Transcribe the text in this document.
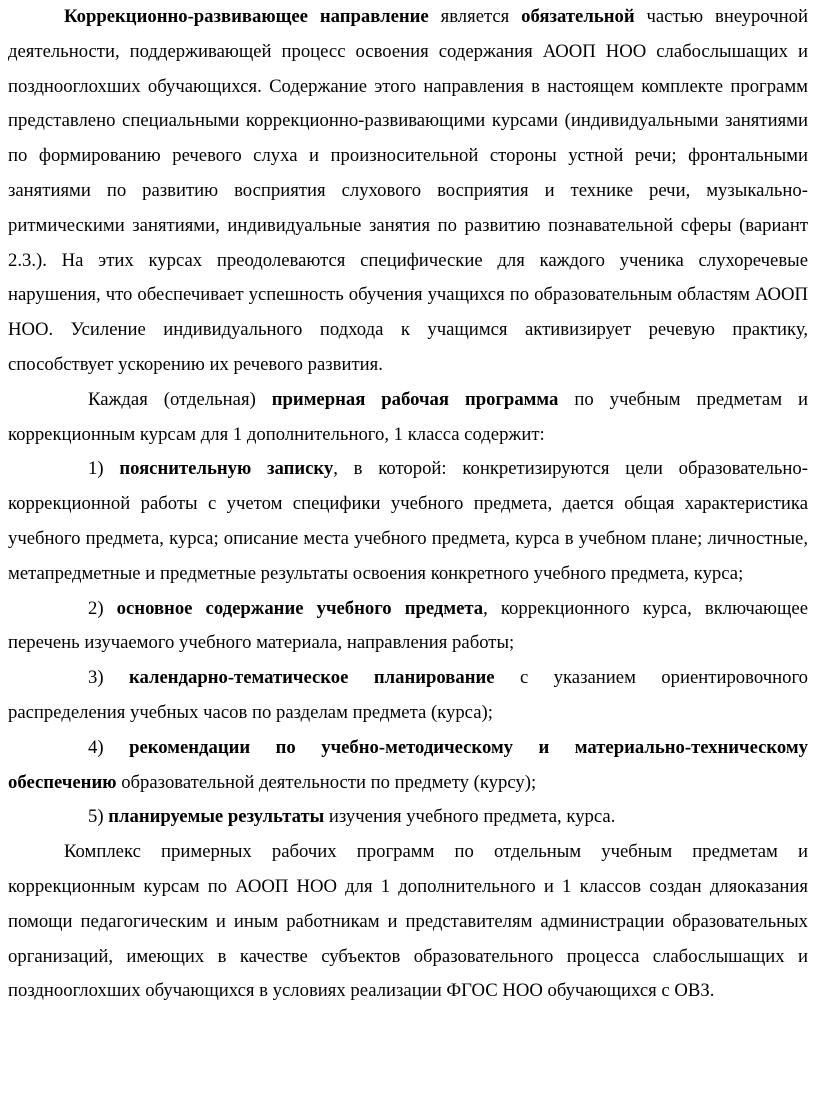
Коррекционно-развивающее направление является обязательной частью внеурочной деятельности, поддерживающей процесс освоения содержания АООП НОО слабослышащих и позднооглохших обучающихся. Содержание этого направления в настоящем комплекте программ представлено специальными коррекционно-развивающими курсами (индивидуальными занятиями по формированию речевого слуха и произносительной стороны устной речи; фронтальными занятиями по развитию восприятия слухового восприятия и технике речи, музыкально-ритмическими занятиями, индивидуальные занятия по развитию познавательной сферы (вариант 2.3.). На этих курсах преодолеваются специфические для каждого ученика слухоречевые нарушения, что обеспечивает успешность обучения учащихся по образовательным областям АООП НОО. Усиление индивидуального подхода к учащимся активизирует речевую практику, способствует ускорению их речевого развития.

Каждая (отдельная) примерная рабочая программа по учебным предметам и коррекционным курсам для 1 дополнительного, 1 класса содержит:

1) пояснительную записку, в которой: конкретизируются цели образовательно-коррекционной работы с учетом специфики учебного предмета, дается общая характеристика учебного предмета, курса; описание места учебного предмета, курса в учебном плане; личностные, метапредметные и предметные результаты освоения конкретного учебного предмета, курса;

2) основное содержание учебного предмета, коррекционного курса, включающее перечень изучаемого учебного материала, направления работы;

3) календарно-тематическое планирование с указанием ориентировочного распределения учебных часов по разделам предмета (курса);

4) рекомендации по учебно-методическому и материально-техническому обеспечению образовательной деятельности по предмету (курсу);

5) планируемые результаты изучения учебного предмета, курса.

Комплекс примерных рабочих программ по отдельным учебным предметам и коррекционным курсам по АООП НОО для 1 дополнительного и 1 классов создан дляоказания помощи педагогическим и иным работникам и представителям администрации образовательных организаций, имеющих в качестве субъектов образовательного процесса слабослышащих и позднооглохших обучающихся в условиях реализации ФГОС НОО обучающихся с ОВЗ.
